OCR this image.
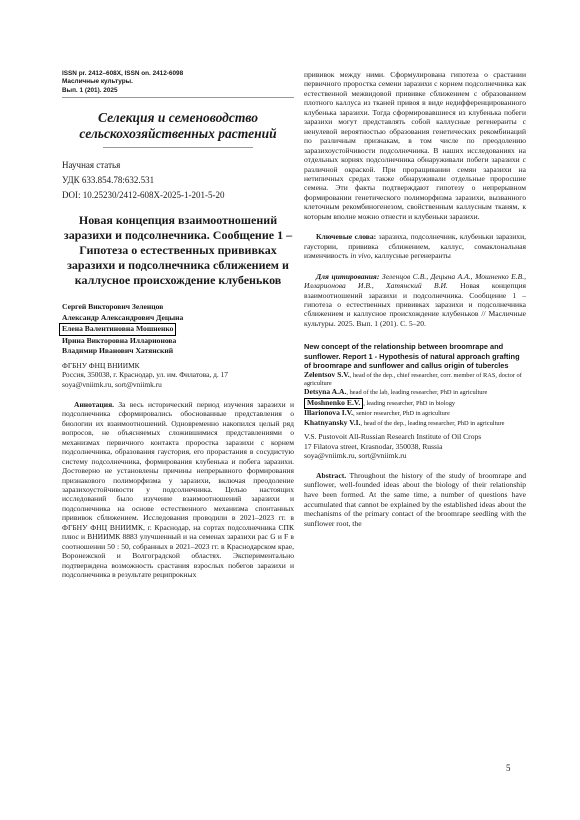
ISSN pr. 2412–608X, ISSN on. 2412-6098
Масличные культуры.
Вып. 1 (201). 2025
Селекция и семеноводство сельскохозяйственных растений
Научная статья
УДК 633.854.78:632.531
DOI: 10.25230/2412-608X-2025-1-201-5-20
Новая концепция взаимоотношений заразихи и подсолнечника. Сообщение 1 – Гипотеза о естественных прививках заразихи и подсолнечника сближением и каллусное происхождение клубеньков
Сергей Викторович Зеленцов
Александр Александрович Децына
Елена Валентиновна Мошненко
Ирина Викторовна Илларионова
Владимир Иванович Хатянский
ФГБНУ ФНЦ ВНИИМК
Россия, 350038, г. Краснодар, ул. им. Филатова, д. 17
soya@vniimk.ru, sort@vniimk.ru
Аннотация. За весь исторический период изучения заразихи и подсолнечника сформировались обоснованные представления о биологии их взаимоотношений. Одновременно накопился целый ряд вопросов, не объясняемых сложившимися представлениями о механизмах первичного контакта проростка заразихи с корнем подсолнечника, образования гаустория, его прорастания в сосудистую систему подсолнечника, формирования клубенька и побега заразихи. Достоверно не установлены причины непрерывного формирования признакового полиморфизма у заразихи, включая преодоление заразихоустойчивости у подсолнечника. Целью настоящих исследований было изучение взаимоотношений заразихи и подсолнечника на основе естественного механизма спонтанных прививок сближением. Исследования проводили в 2021–2023 гг. в ФГБНУ ФНЦ ВНИИМК, г. Краснодар, на сортах подсолнечника СПК плюс и ВНИИМК 8883 улучшенный и на семенах заразихи рас G и F в соотношении 50 : 50, собранных в 2021–2023 гг. в Краснодарском крае, Воронежской и Волгоградской областях. Экспериментально подтверждена возможность срастания взрослых побегов заразихи и подсолнечника в результате реципрокных
прививок между ними. Сформулирована гипотеза о срастании первичного проростка семени заразихи с корнем подсолнечника как естественной межвидовой прививке сближением с образованием плотного каллуса из тканей привоя в виде недифференцированного клубенька заразихи. Тогда сформировавшиеся из клубенька побеги заразихи могут представлять собой каллусные регенеранты с ненулевой вероятностью образования генетических рекомбинаций по различным признакам, в том числе по преодолению заразихоустойчивости подсолнечника. В наших исследованиях на отдельных корнях подсолнечника обнаруживали побеги заразихи с различной окраской. При проращивании семян заразихи на нетипичных средах также обнаруживали отдельные проросшие семена. Эти факты подтверждают гипотезу о непрерывном формировании генетического полиморфизма заразихи, вызванного клеточным рекомбиногенезом, свойственным каллусным тканям, к которым вполне можно отнести и клубеньки заразихи.
Ключевые слова: заразиха, подсолнечник, клубеньки заразихи, гаустории, прививка сближением, каллус, сомаклональная изменчивость in vivo, каллусные регенеранты
Для цитирования: Зеленцов С.В., Децына А.А., Мошненко Е.В., Илларионова И.В., Хатянский В.И. Новая концепция взаимоотношений заразихи и подсолнечника. Сообщение 1 – гипотеза о естественных прививках заразихи и подсолнечника сближением и каллусное происхождение клубеньков // Масличные культуры. 2025. Вып. 1 (201). С. 5–20.
New concept of the relationship between broomrape and sunflower. Report 1 - Hypothesis of natural approach grafting of broomrape and sunflower and callus origin of tubercles
Zelentsov S.V., head of the dep., chief researcher, corr. member of RAS, doctor of agriculture
Detsyna A.A., head of the lab, leading researcher, PhD in agriculture
Moshnenko E.V. , leading researcher, PhD in biology
Illarionova I.V., senior researcher, PhD in agriculture
Khatnyansky V.I., head of the dep., leading researcher, PhD in agriculture
V.S. Pustovoit All-Russian Research Institute of Oil Crops
17 Filatova street, Krasnodar, 350038, Russia
soya@vniimk.ru, sort@vniimk.ru
Abstract. Throughout the history of the study of broomrape and sunflower, well-founded ideas about the biology of their relationship have been formed. At the same time, a number of questions have accumulated that cannot be explained by the established ideas about the mechanisms of the primary contact of the broomrape seedling with the sunflower root, the
5
